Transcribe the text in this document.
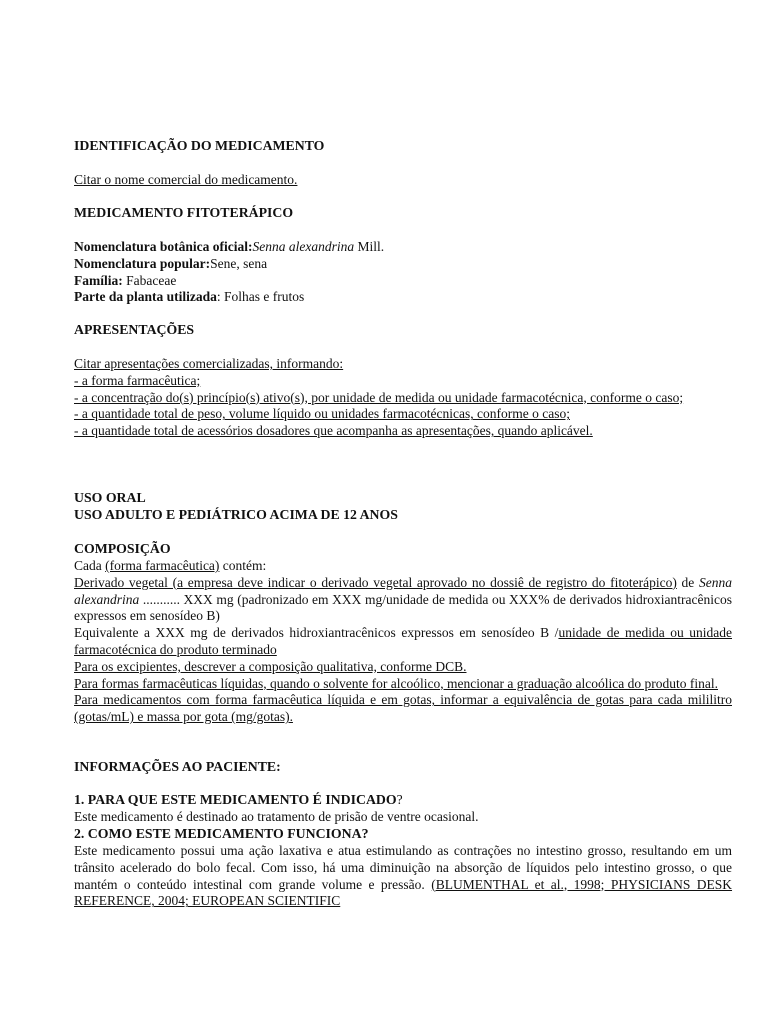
IDENTIFICAÇÃO DO MEDICAMENTO
Citar o nome comercial do medicamento.
MEDICAMENTO FITOTERÁPICO

Nomenclatura botânica oficial:Senna alexandrina Mill.

Nomenclatura popular:Sene, sena

Família: Fabaceae

Parte da planta utilizada: Folhas e frutos

APRESENTAÇÕES

Citar apresentações comercializadas, informando:

- a forma farmacêutica;

- a concentração do(s) princípio(s) ativo(s), por unidade de medida ou unidade farmacotécnica, conforme o caso;

- a quantidade total de peso, volume líquido ou unidades farmacotécnicas, conforme o caso;

- a quantidade total de acessórios dosadores que acompanha as apresentações, quando aplicável.

USO ORAL
USO ADULTO E PEDIÁTRICO ACIMA DE 12 ANOS
COMPOSIÇÃO

Cada (forma farmacêutica) contém:

Derivado vegetal (a empresa deve indicar o derivado vegetal aprovado no dossiê de registro do fitoterápico) de Senna alexandrina ........... XXX mg (padronizado em XXX mg/unidade de medida ou XXX% de derivados hidroxiantracênicos expressos em senosídeo B)

Equivalente a XXX mg de derivados hidroxiantracênicos expressos em senosídeo B /unidade de medida ou unidade farmacotécnica do produto terminado

Para os excipientes, descrever a composição qualitativa, conforme DCB.

Para formas farmacêuticas líquidas, quando o solvente for alcoólico, mencionar a graduação alcoólica do produto final.

Para medicamentos com forma farmacêutica líquida e em gotas, informar a equivalência de gotas para cada mililitro (gotas/mL) e massa por gota (mg/gotas).

INFORMAÇÕES AO PACIENTE:
1. PARA QUE ESTE MEDICAMENTO É INDICADO?
Este medicamento é destinado ao tratamento de prisão de ventre ocasional.
2. COMO ESTE MEDICAMENTO FUNCIONA?
Este medicamento possui uma ação laxativa e atua estimulando as contrações no intestino grosso, resultando em um trânsito acelerado do bolo fecal. Com isso, há uma diminuição na absorção de líquidos pelo intestino grosso, o que mantém o conteúdo intestinal com grande volume e pressão. (BLUMENTHAL et al., 1998; PHYSICIANS DESK REFERENCE, 2004; EUROPEAN SCIENTIFIC
